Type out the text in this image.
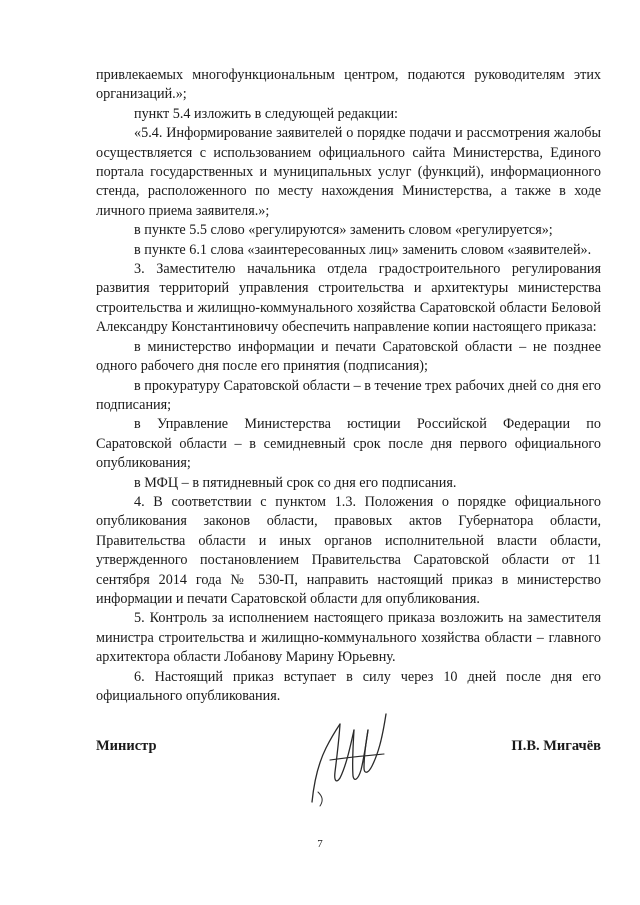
привлекаемых многофункциональным центром, подаются руководителям этих организаций.»;

пункт 5.4 изложить в следующей редакции:

«5.4. Информирование заявителей о порядке подачи и рассмотрения жалобы осуществляется с использованием официального сайта Министерства, Единого портала государственных и муниципальных услуг (функций), информационного стенда, расположенного по месту нахождения Министерства, а также в ходе личного приема заявителя.»;

в пункте 5.5 слово «регулируются» заменить словом «регулируется»;

в пункте 6.1 слова «заинтересованных лиц» заменить словом «заявителей».

3. Заместителю начальника отдела градостроительного регулирования развития территорий управления строительства и архитектуры министерства строительства и жилищно-коммунального хозяйства Саратовской области Беловой Александру Константиновичу обеспечить направление копии настоящего приказа:

в министерство информации и печати Саратовской области – не позднее одного рабочего дня после его принятия (подписания);

в прокуратуру Саратовской области – в течение трех рабочих дней со дня его подписания;

в Управление Министерства юстиции Российской Федерации по Саратовской области – в семидневный срок после дня первого официального опубликования;

в МФЦ – в пятидневный срок со дня его подписания.

4. В соответствии с пунктом 1.3. Положения о порядке официального опубликования законов области, правовых актов Губернатора области, Правительства области и иных органов исполнительной власти области, утвержденного постановлением Правительства Саратовской области от 11 сентября 2014 года № 530-П, направить настоящий приказ в министерство информации и печати Саратовской области для опубликования.

5. Контроль за исполнением настоящего приказа возложить на заместителя министра строительства и жилищно-коммунального хозяйства области – главного архитектора области Лобанову Марину Юрьевну.

6. Настоящий приказ вступает в силу через 10 дней после дня его официального опубликования.

Министр	П.В. Мигачёв
7
